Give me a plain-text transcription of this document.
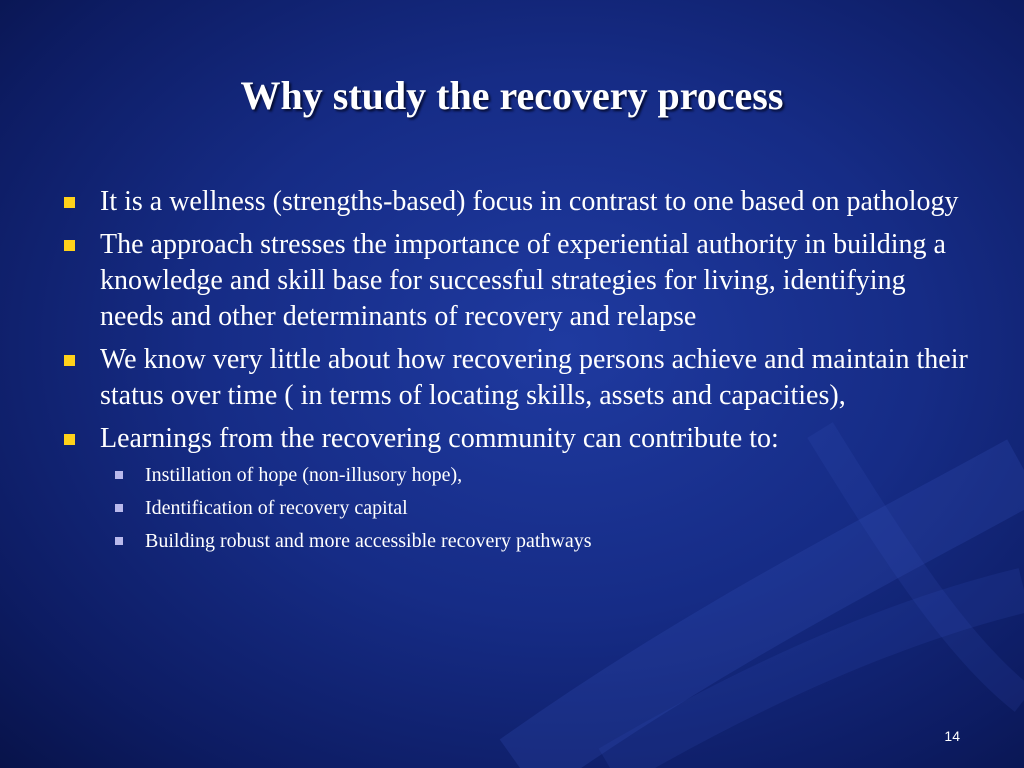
Why study the recovery process
It is a wellness (strengths-based) focus in contrast to one based on pathology
The approach stresses the importance of experiential authority in building a knowledge and skill base for successful strategies for living, identifying needs and other determinants of recovery and relapse
We know very little about how recovering persons achieve and maintain their status over time ( in terms of locating skills, assets and capacities),
Learnings from the recovering community can contribute to:
Instillation of hope (non-illusory hope),
Identification of recovery capital
Building robust and more accessible recovery pathways
14
